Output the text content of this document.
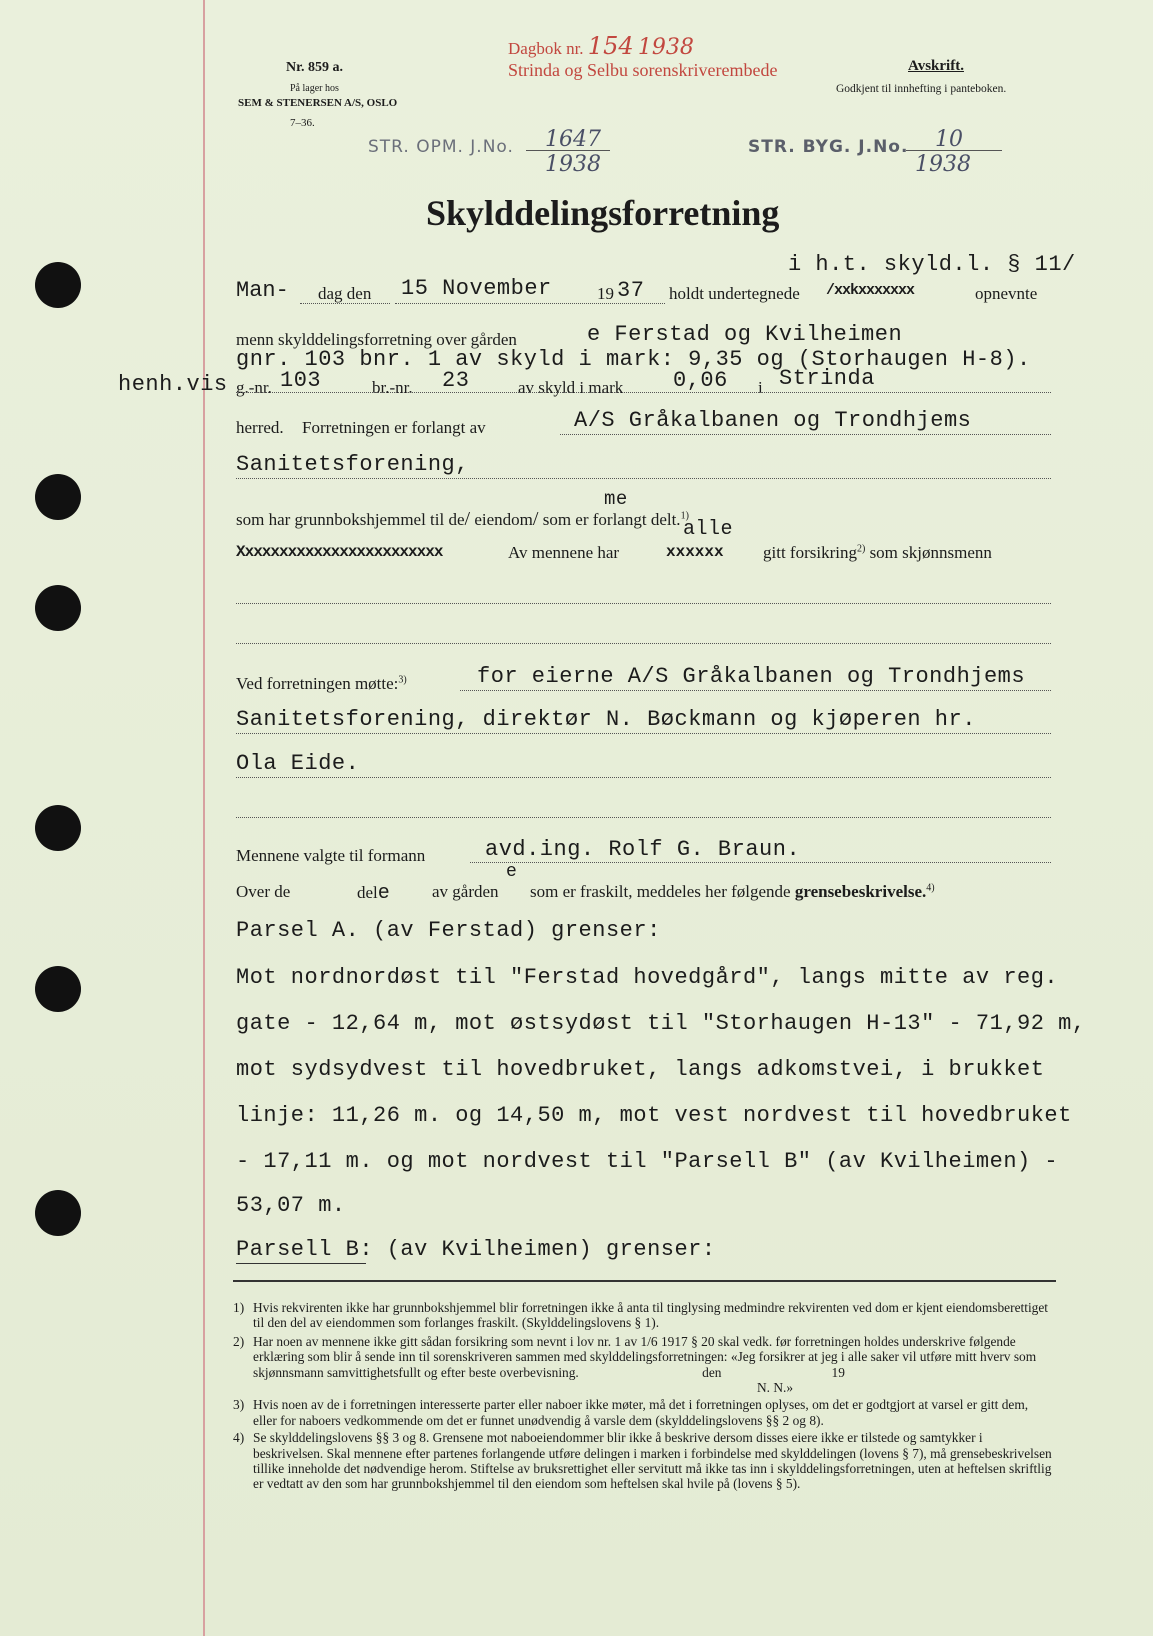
Nr. 859 a.
På lager hos
SEM & STENERSEN A/S, OSLO
7–36.
Dagbok nr. 154 1938
Strinda og Selbu sorenskriverembede	Avskrift.
Godkjent til innhefting i panteboken.
STR. OPM. J.No. 1647
1938
STR. BYG. J.No. 10
1938
Skylddelingsforretning
i h.t. skyld.l. § 11/
Man- dag den 15 November	19 37 holdt undertegnede /xxkxxxxxxx	opnevnte
menn skylddelingsforretning over gården	e Ferstad og Kvilheimen
gnr. 103 bnr. 1 av skyld i mark: 9,35 og (Storhaugen H-8).
henh.vis g.-nr. 103	br.-nr. 23	av skyld i mark 0,06 i Strinda
herred. Forretningen er forlangt av	A/S Gråkalbanen og Trondhjems
Sanitetsforening,
me
som har grunnbokshjemmel til de/ eiendom/ som er forlangt delt.$^{1)}$
alle
Xxxxxxxxxxxxxxxxxxxxxxxx	Av mennene har	xxxxxx gitt forsikring$^{2)}$ som skjønnsmenn
Ved forretningen møtte:$^{3)}$	for eierne A/S Gråkalbanen og Trondhjems
Sanitetsforening, direktør N. Bøckmann og kjøperen hr.
Ola Eide.
Mennene valgte til formann	avd.ing. Rolf G. Braun.
e
Over de	dele av gården som er fraskilt, meddeles her følgende grensebeskrivelse.$^{4)}$
Parsel A. (av Ferstad) grenser:
Mot nordnordøst til "Ferstad hovedgård", langs mitte av reg.
gate - 12,64 m, mot østsydøst til "Storhaugen H-13" - 71,92 m,
mot sydsydvest til hovedbruket, langs adkomstvei, i brukket
linje: 11,26 m. og 14,50 m, mot vest nordvest til hovedbruket
- 17,11 m. og mot nordvest til "Parsell B" (av Kvilheimen) -
53,07 m.
Parsell B: (av Kvilheimen) grenser:
1) Hvis rekvirenten ikke har grunnbokshjemmel blir forretningen ikke å anta til tinglysing medmindre rekvirenten ved dom er kjent eiendomsberettiget til den del av eiendommen som forlanges fraskilt. (Skylddelingslovens § 1).
2) Har noen av mennene ikke gitt sådan forsikring som nevnt i lov nr. 1 av 1/6 1917 § 20 skal vedk. før forretningen holdes underskrive følgende erklæring som blir å sende inn til sorenskriveren sammen med skylddelingsforretningen: «Jeg forsikrer at jeg i alle saker vil utføre mitt hverv som skjønnsmann samvittighetsfullt og efter beste overbevisning.	den	19
N. N.»
3) Hvis noen av de i forretningen interesserte parter eller naboer ikke møter, må det i forretningen oplyses, om det er godtgjort at varsel er gitt dem, eller for naboers vedkommende om det er funnet unødvendig å varsle dem (skylddelingslovens §§ 2 og 8).
4) Se skylddelingslovens §§ 3 og 8. Grensene mot naboeiendommer blir ikke å beskrive dersom disses eiere ikke er tilstede og samtykker i beskrivelsen. Skal mennene efter partenes forlangende utføre delingen i marken i forbindelse med skylddelingen (lovens § 7), må grensebeskrivelsen tillike inneholde det nødvendige herom. Stiftelse av bruksrettighet eller servitutt må ikke tas inn i skylddelingsforretningen, uten at heftelsen skriftlig er vedtatt av den som har grunnbokshjemmel til den eiendom som heftelsen skal hvile på (lovens § 5).
